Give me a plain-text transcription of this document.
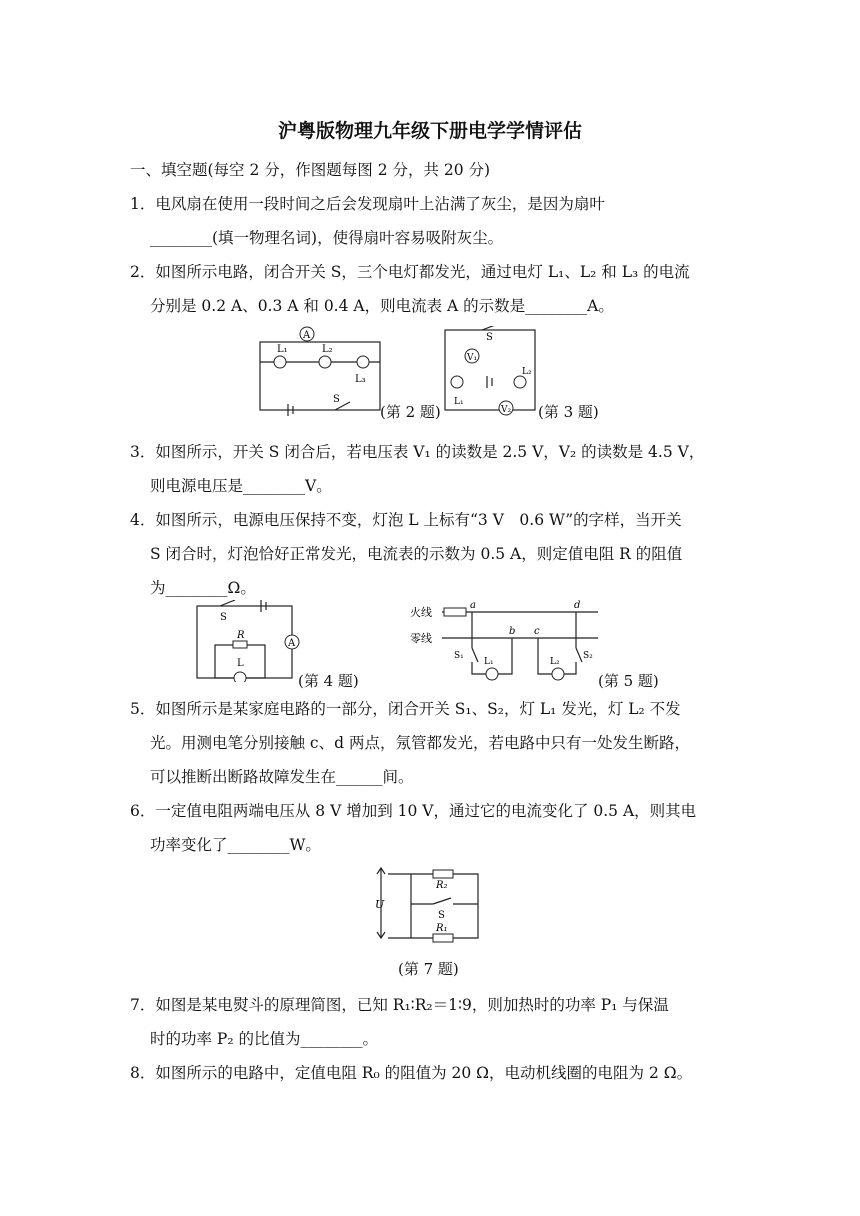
沪粤版物理九年级下册电学学情评估
一、填空题(每空 2 分，作图题每图 2 分，共 20 分)
1．电风扇在使用一段时间之后会发现扇叶上沾满了灰尘，是因为扇叶
________(填一物理名词)，使得扇叶容易吸附灰尘。
2．如图所示电路，闭合开关 S，三个电灯都发光，通过电灯 L₁、L₂ 和 L₃ 的电流
分别是 0.2 A、0.3 A 和 0.4 A，则电流表 A 的示数是________A。
A
L₁	L₂
L₃
S
(第 2 题)
S
V₁
L₁
L₂
V₂ (第 3 题)
3．如图所示，开关 S 闭合后，若电压表 V₁ 的读数是 2.5 V，V₂ 的读数是 4.5 V，
则电源电压是________V。
4．如图所示，电源电压保持不变，灯泡 L 上标有“3 V　0.6 W”的字样，当开关
S 闭合时，灯泡恰好正常发光，电流表的示数为 0.5 A，则定值电阻 R 的阻值
为________Ω。
S
A
R
L
(第 4 题)
火线
零线
a
b c
d
L₁
S₁
L₂
S₂
(第 5 题)
5．如图所示是某家庭电路的一部分，闭合开关 S₁、S₂，灯 L₁ 发光，灯 L₂ 不发
光。用测电笔分别接触 c、d 两点，氖管都发光，若电路中只有一处发生断路，
可以推断出断路故障发生在______间。
6．一定值电阻两端电压从 8 V 增加到 10 V，通过它的电流变化了 0.5 A，则其电
功率变化了________W。
U
R₂
S
R₁
(第 7 题)
7．如图是某电熨斗的原理简图，已知 R₁∶R₂＝1∶9，则加热时的功率 P₁ 与保温
时的功率 P₂ 的比值为________。
8．如图所示的电路中，定值电阻 R₀ 的阻值为 20 Ω，电动机线圈的电阻为 2 Ω。
